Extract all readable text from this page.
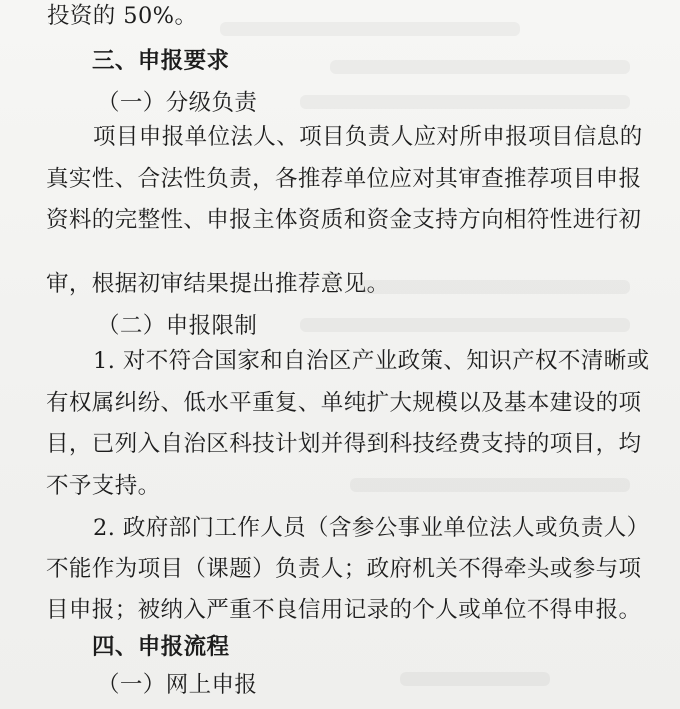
投资的 50%。
三、申报要求
（一）分级负责
项目申报单位法人、项目负责人应对所申报项目信息的
真实性、合法性负责，各推荐单位应对其审查推荐项目申报
资料的完整性、申报主体资质和资金支持方向相符性进行初
审，根据初审结果提出推荐意见。
（二）申报限制
1. 对不符合国家和自治区产业政策、知识产权不清晰或
有权属纠纷、低水平重复、单纯扩大规模以及基本建设的项
目，已列入自治区科技计划并得到科技经费支持的项目，均
不予支持。
2. 政府部门工作人员（含参公事业单位法人或负责人）
不能作为项目（课题）负责人；政府机关不得牵头或参与项
目申报；被纳入严重不良信用记录的个人或单位不得申报。
四、申报流程
（一）网上申报
